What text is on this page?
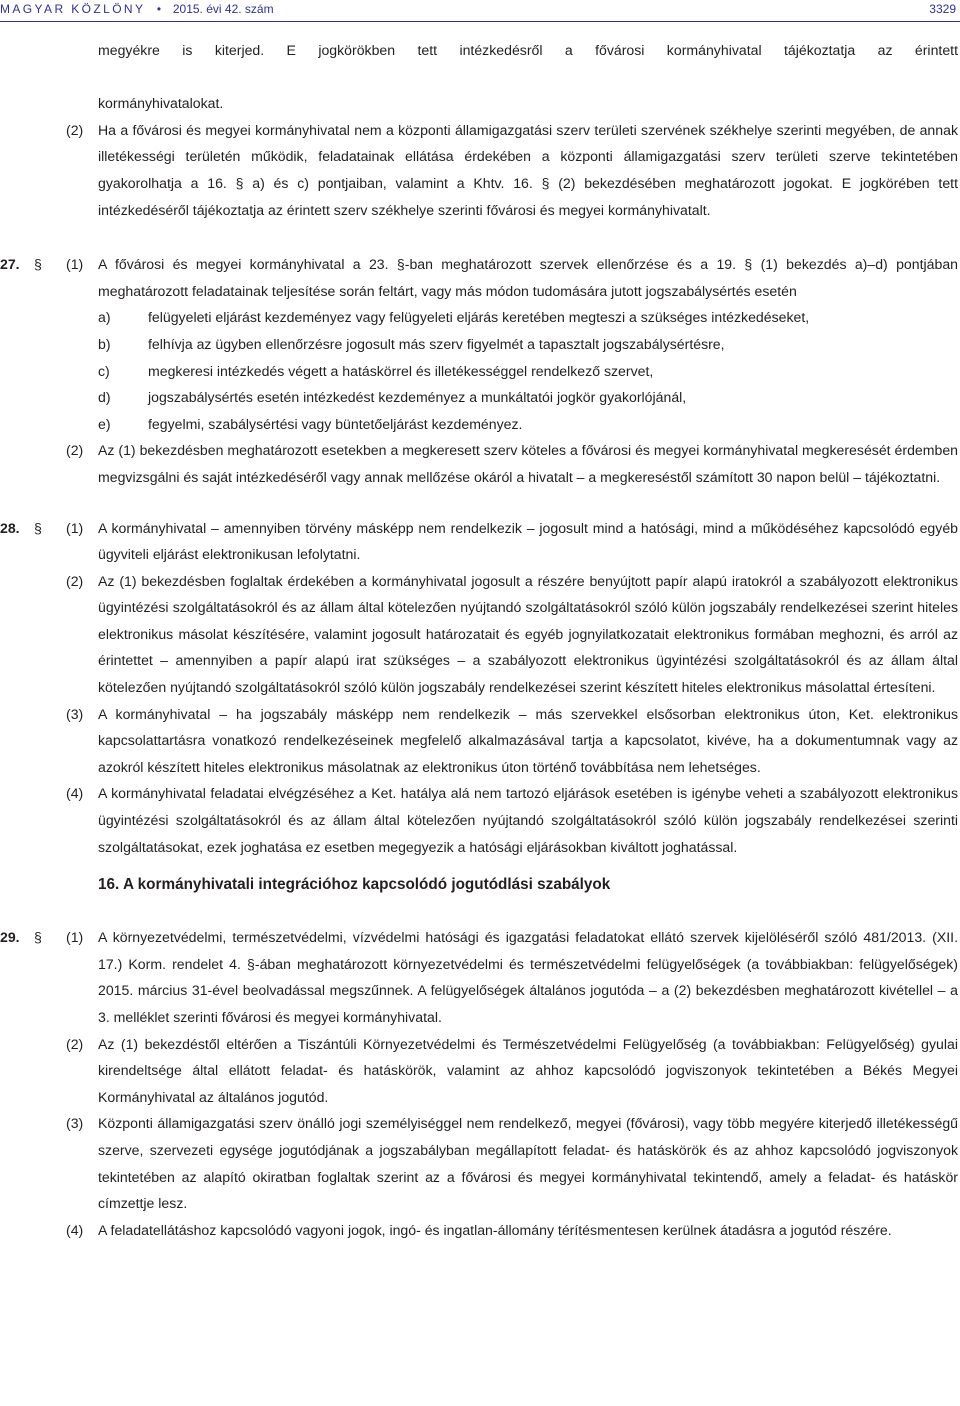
MAGYAR KÖZLÖNY • 2015. évi 42. szám	3329
megyékre is kiterjed. E jogkörökben tett intézkedésről a fővárosi kormányhivatal tájékoztatja az érintett
kormányhivatalokat.
(2) Ha a fővárosi és megyei kormányhivatal nem a központi államigazgatási szerv területi szervének székhelye szerinti megyében, de annak illetékességi területén működik, feladatainak ellátása érdekében a központi államigazgatási szerv területi szerve tekintetében gyakorolhatja a 16. § a) és c) pontjaiban, valamint a Khtv. 16. § (2) bekezdésében meghatározott jogokat. E jogkörében tett intézkedéséről tájékoztatja az érintett szerv székhelye szerinti fővárosi és megyei kormányhivatalt.
27. § (1) A fővárosi és megyei kormányhivatal a 23. §-ban meghatározott szervek ellenőrzése és a 19. § (1) bekezdés a)–d) pontjában meghatározott feladatainak teljesítése során feltárt, vagy más módon tudomására jutott jogszabálysértés esetén
a)	felügyeleti eljárást kezdeményez vagy felügyeleti eljárás keretében megteszi a szükséges intézkedéseket,
b)	felhívja az ügyben ellenőrzésre jogosult más szerv figyelmét a tapasztalt jogszabálysértésre,
c)	megkeresi intézkedés végett a hatáskörrel és illetékességgel rendelkező szervet,
d)	jogszabálysértés esetén intézkedést kezdeményez a munkáltatói jogkör gyakorlójánál,
e)	fegyelmi, szabálysértési vagy büntetőeljárást kezdeményez.
(2) Az (1) bekezdésben meghatározott esetekben a megkeresett szerv köteles a fővárosi és megyei kormányhivatal megkeresését érdemben megvizsgálni és saját intézkedéséről vagy annak mellőzése okáról a hivatalt – a megkereséstől számított 30 napon belül – tájékoztatni.
28. § (1) A kormányhivatal – amennyiben törvény másképp nem rendelkezik – jogosult mind a hatósági, mind a működéséhez kapcsolódó egyéb ügyviteli eljárást elektronikusan lefolytatni.
(2) Az (1) bekezdésben foglaltak érdekében a kormányhivatal jogosult a részére benyújtott papír alapú iratokról a szabályozott elektronikus ügyintézési szolgáltatásokról és az állam által kötelezően nyújtandó szolgáltatásokról szóló külön jogszabály rendelkezései szerint hiteles elektronikus másolat készítésére, valamint jogosult határozatait és egyéb jognyilatkozatait elektronikus formában meghozni, és arról az érintettet – amennyiben a papír alapú irat szükséges – a szabályozott elektronikus ügyintézési szolgáltatásokról és az állam által kötelezően nyújtandó szolgáltatásokról szóló külön jogszabály rendelkezései szerint készített hiteles elektronikus másolattal értesíteni.
(3) A kormányhivatal – ha jogszabály másképp nem rendelkezik – más szervekkel elsősorban elektronikus úton, Ket. elektronikus kapcsolattartásra vonatkozó rendelkezéseinek megfelelő alkalmazásával tartja a kapcsolatot, kivéve, ha a dokumentumnak vagy az azokról készített hiteles elektronikus másolatnak az elektronikus úton történő továbbítása nem lehetséges.
(4) A kormányhivatal feladatai elvégzéséhez a Ket. hatálya alá nem tartozó eljárások esetében is igénybe veheti a szabályozott elektronikus ügyintézési szolgáltatásokról és az állam által kötelezően nyújtandó szolgáltatásokról szóló külön jogszabály rendelkezései szerinti szolgáltatásokat, ezek joghatása ez esetben megegyezik a hatósági eljárásokban kiváltott joghatással.
16. A kormányhivatali integrációhoz kapcsolódó jogutódlási szabályok
29. § (1) A környezetvédelmi, természetvédelmi, vízvédelmi hatósági és igazgatási feladatokat ellátó szervek kijelöléséről szóló 481/2013. (XII. 17.) Korm. rendelet 4. §-ában meghatározott környezetvédelmi és természetvédelmi felügyelőségek (a továbbiakban: felügyelőségek) 2015. március 31-ével beolvadással megszűnnek. A felügyelőségek általános jogutóda – a (2) bekezdésben meghatározott kivétellel – a 3. melléklet szerinti fővárosi és megyei kormányhivatal.
(2) Az (1) bekezdéstől eltérően a Tiszántúli Környezetvédelmi és Természetvédelmi Felügyelőség (a továbbiakban: Felügyelőség) gyulai kirendeltsége által ellátott feladat- és hatáskörök, valamint az ahhoz kapcsolódó jogviszonyok tekintetében a Békés Megyei Kormányhivatal az általános jogutód.
(3) Központi államigazgatási szerv önálló jogi személyiséggel nem rendelkező, megyei (fővárosi), vagy több megyére kiterjedő illetékességű szerve, szervezeti egysége jogutódjának a jogszabályban megállapított feladat- és hatáskörök és az ahhoz kapcsolódó jogviszonyok tekintetében az alapító okiratban foglaltak szerint az a fővárosi és megyei kormányhivatal tekintendő, amely a feladat- és hatáskör címzettje lesz.
(4) A feladatellátáshoz kapcsolódó vagyoni jogok, ingó- és ingatlan-állomány térítésmentesen kerülnek átadásra a jogutód részére.
